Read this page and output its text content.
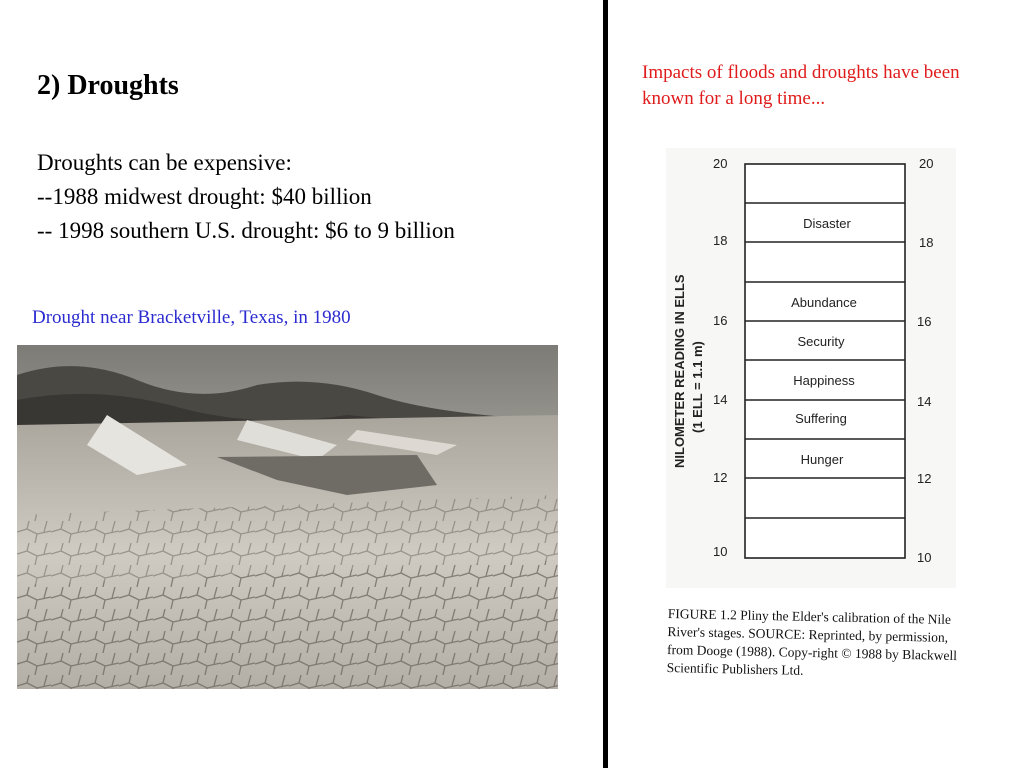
2) Droughts
Droughts can be expensive:
--1988 midwest drought: $40 billion
-- 1998 southern U.S. drought: $6 to 9 billion
Drought near Bracketville, Texas, in 1980
Impacts of floods and droughts have been known for a long time...
NILOMETER READING IN ELLS (1 ELL = 1.1 m)
Disaster
Abundance
Security
Happiness
Suffering
Hunger
20
18
16
14
12
10
20
18
16
14
12
10
FIGURE 1.2 Pliny the Elder's calibration of the Nile River's stages. SOURCE: Reprinted, by permission, from Dooge (1988). Copy-right © 1988 by Blackwell Scientific Publishers Ltd.
